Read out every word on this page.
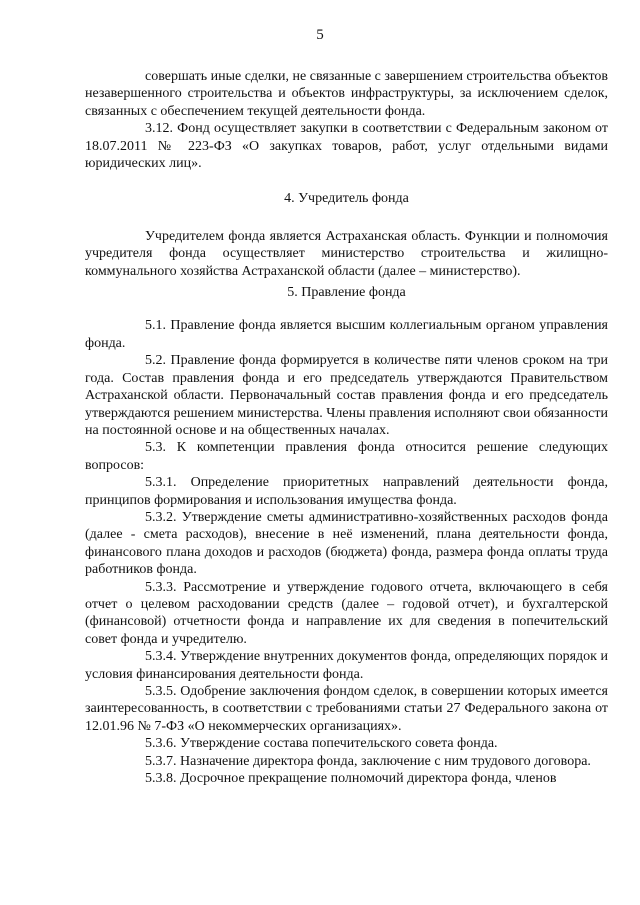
5

совершать иные сделки, не связанные с завершением строительства объектов незавершенного строительства и объектов инфраструктуры, за исключением сделок, связанных с обеспечением текущей деятельности фонда.

3.12. Фонд осуществляет закупки в соответствии с Федеральным законом от 18.07.2011 № 223-ФЗ «О закупках товаров, работ, услуг отдельными видами юридических лиц».

4. Учредитель фонда

Учредителем фонда является Астраханская область. Функции и полномочия учредителя фонда осуществляет министерство строительства и жилищно-коммунального хозяйства Астраханской области (далее – министерство).

5. Правление фонда

5.1. Правление фонда является высшим коллегиальным органом управления фонда.

5.2. Правление фонда формируется в количестве пяти членов сроком на три года. Состав правления фонда и его председатель утверждаются Правительством Астраханской области. Первоначальный состав правления фонда и его председатель утверждаются решением министерства. Члены правления исполняют свои обязанности на постоянной основе и на общественных началах.

5.3. К компетенции правления фонда относится решение следующих вопросов:

5.3.1. Определение приоритетных направлений деятельности фонда, принципов формирования и использования имущества фонда.

5.3.2. Утверждение сметы административно-хозяйственных расходов фонда (далее - смета расходов), внесение в неё изменений, плана деятельности фонда, финансового плана доходов и расходов (бюджета) фонда, размера фонда оплаты труда работников фонда.

5.3.3. Рассмотрение и утверждение годового отчета, включающего в себя отчет о целевом расходовании средств (далее – годовой отчет), и бухгалтерской (финансовой) отчетности фонда и направление их для сведения в попечительский совет фонда и учредителю.

5.3.4. Утверждение внутренних документов фонда, определяющих порядок и условия финансирования деятельности фонда.

5.3.5. Одобрение заключения фондом сделок, в совершении которых имеется заинтересованность, в соответствии с требованиями статьи 27 Федерального закона от 12.01.96 № 7-ФЗ «О некоммерческих организациях».

5.3.6. Утверждение состава попечительского совета фонда.

5.3.7. Назначение директора фонда, заключение с ним трудового договора.

5.3.8. Досрочное прекращение полномочий директора фонда, членов
